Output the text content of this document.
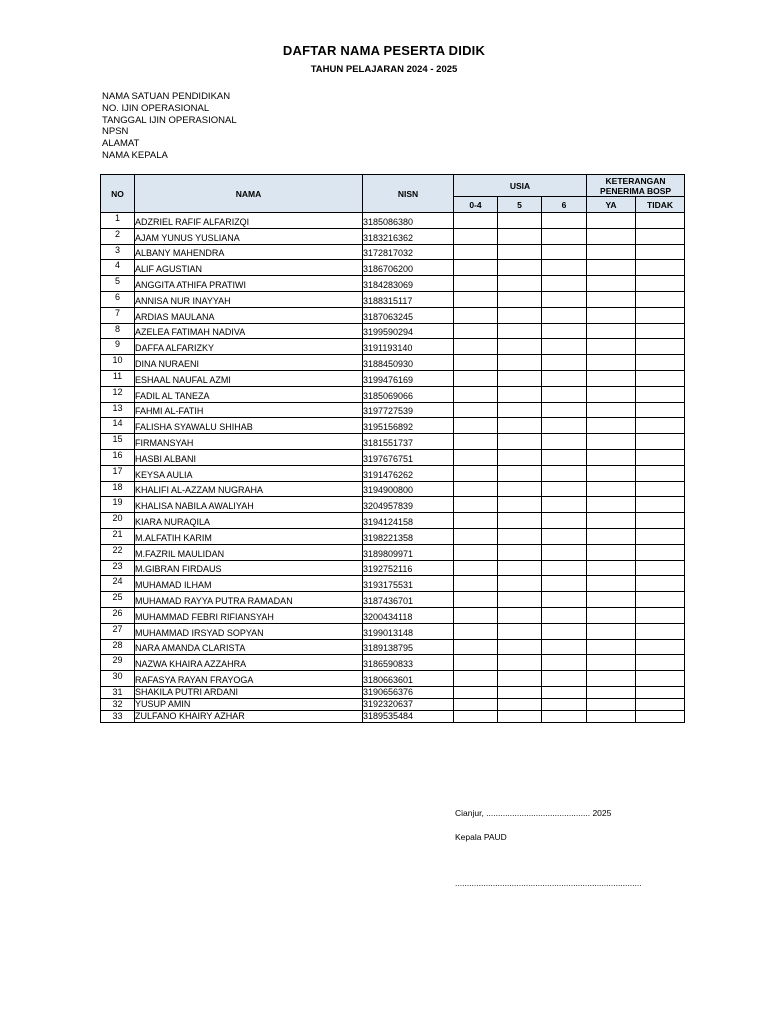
DAFTAR NAMA PESERTA DIDIK
TAHUN PELAJARAN 2024 - 2025
NAMA SATUAN PENDIDIKAN
NO. IJIN OPERASIONAL
TANGGAL IJIN OPERASIONAL
NPSN
ALAMAT
NAMA KEPALA
NO	NAMA	NISN	USIA			KETERANGAN
PENERIMA BOSP	
			0-4	5	6	YA	TIDAK
1	ADZRIEL RAFIF ALFARIZQI	3185086380					
2	AJAM YUNUS YUSLIANA	3183216362					
3	ALBANY MAHENDRA	3172817032					
4	ALIF AGUSTIAN	3186706200					
5	ANGGITA ATHIFA PRATIWI	3184283069					
6	ANNISA NUR INAYYAH	3188315117					
7	ARDIAS MAULANA	3187063245					
8	AZELEA FATIMAH NADIVA	3199590294					
9	DAFFA ALFARIZKY	3191193140					
10	DINA NURAENI	3188450930					
11	ESHAAL NAUFAL AZMI	3199476169					
12	FADIL AL TANEZA	3185069066					
13	FAHMI AL-FATIH	3197727539					
14	FALISHA SYAWALU SHIHAB	3195156892					
15	FIRMANSYAH	3181551737					
16	HASBI ALBANI	3197676751					
17	KEYSA AULIA	3191476262					
18	KHALIFI AL-AZZAM NUGRAHA	3194900800					
19	KHALISA NABILA AWALIYAH	3204957839					
20	KIARA NURAQILA	3194124158					
21	M.ALFATIH KARIM	3198221358					
22	M.FAZRIL MAULIDAN	3189809971					
23	M.GIBRAN FIRDAUS	3192752116					
24	MUHAMAD ILHAM	3193175531					
25	MUHAMAD RAYYA PUTRA RAMADAN	3187436701					
26	MUHAMMAD FEBRI RIFIANSYAH	3200434118					
27	MUHAMMAD IRSYAD SOPYAN	3199013148					
28	NARA AMANDA CLARISTA	3189138795					
29	NAZWA KHAIRA AZZAHRA	3186590833					
30	RAFASYA RAYAN FRAYOGA	3180663601					
31	SHAKILA PUTRI ARDANI	3190656376					
32	YUSUP AMIN	3192320637					
33	ZULFANO KHAIRY AZHAR	3189535484					
Cianjur, ............................................ 2025
Kepala PAUD
...............................................................................
